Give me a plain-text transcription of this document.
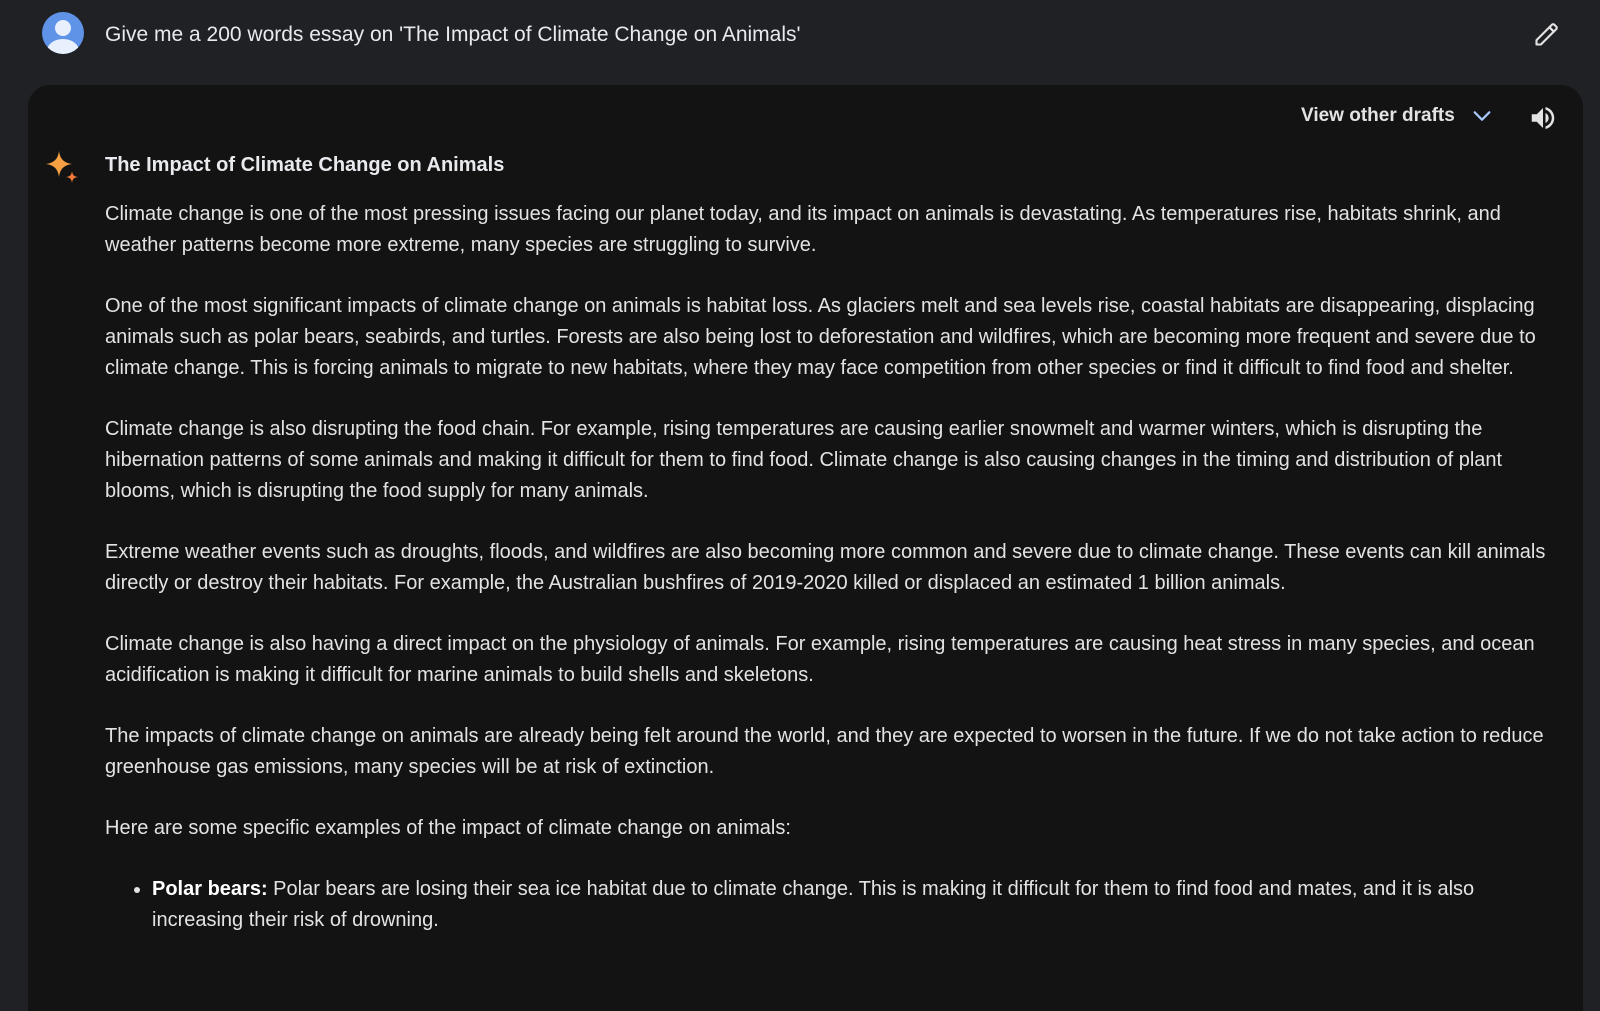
Give me a 200 words essay on 'The Impact of Climate Change on Animals'
View other drafts
The Impact of Climate Change on Animals

Climate change is one of the most pressing issues facing our planet today, and its impact on animals is devastating. As temperatures rise, habitats shrink, and weather patterns become more extreme, many species are struggling to survive.

One of the most significant impacts of climate change on animals is habitat loss. As glaciers melt and sea levels rise, coastal habitats are disappearing, displacing animals such as polar bears, seabirds, and turtles. Forests are also being lost to deforestation and wildfires, which are becoming more frequent and severe due to climate change. This is forcing animals to migrate to new habitats, where they may face competition from other species or find it difficult to find food and shelter.

Climate change is also disrupting the food chain. For example, rising temperatures are causing earlier snowmelt and warmer winters, which is disrupting the hibernation patterns of some animals and making it difficult for them to find food. Climate change is also causing changes in the timing and distribution of plant blooms, which is disrupting the food supply for many animals.

Extreme weather events such as droughts, floods, and wildfires are also becoming more common and severe due to climate change. These events can kill animals directly or destroy their habitats. For example, the Australian bushfires of 2019-2020 killed or displaced an estimated 1 billion animals.

Climate change is also having a direct impact on the physiology of animals. For example, rising temperatures are causing heat stress in many species, and ocean acidification is making it difficult for marine animals to build shells and skeletons.

The impacts of climate change on animals are already being felt around the world, and they are expected to worsen in the future. If we do not take action to reduce greenhouse gas emissions, many species will be at risk of extinction.

Here are some specific examples of the impact of climate change on animals:

• Polar bears: Polar bears are losing their sea ice habitat due to climate change. This is making it difficult for them to find food and mates, and it is also increasing their risk of drowning.
